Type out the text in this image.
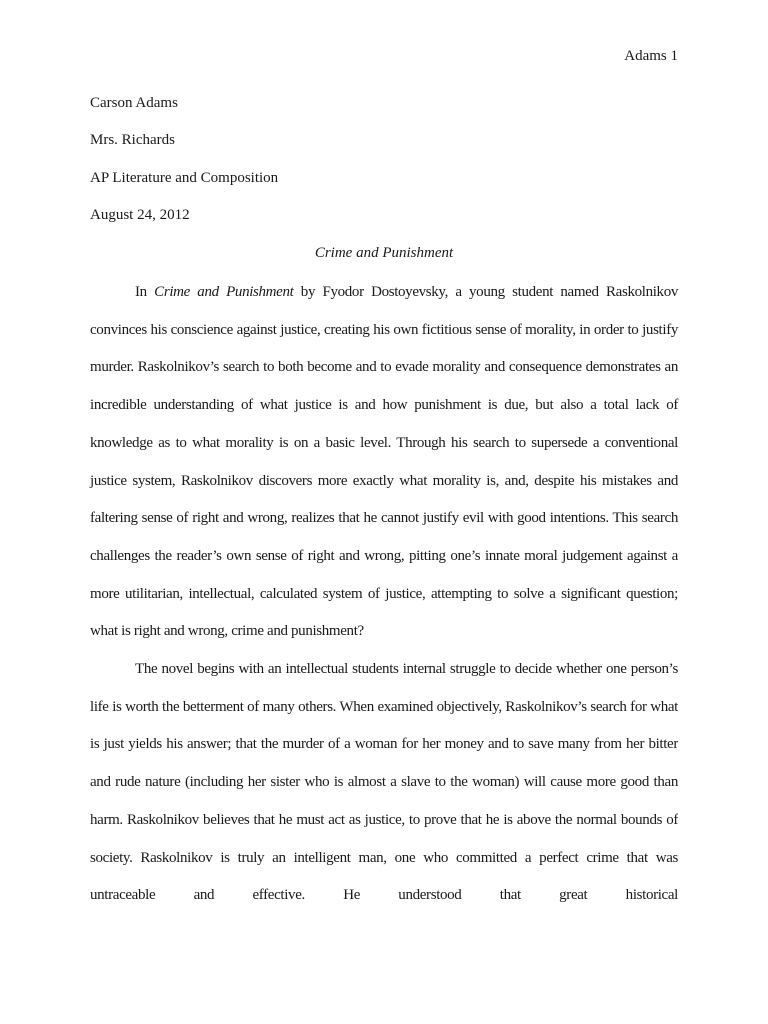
Adams 1
Carson Adams
Mrs. Richards
AP Literature and Composition
August 24, 2012
Crime and Punishment

In Crime and Punishment by Fyodor Dostoyevsky, a young student named Raskolnikov convinces his conscience against justice, creating his own fictitious sense of morality, in order to justify murder. Raskolnikov’s search to both become and to evade morality and consequence demonstrates an incredible understanding of what justice is and how punishment is due, but also a total lack of knowledge as to what morality is on a basic level. Through his search to supersede a conventional justice system, Raskolnikov discovers more exactly what morality is, and, despite his mistakes and faltering sense of right and wrong, realizes that he cannot justify evil with good intentions. This search challenges the reader’s own sense of right and wrong, pitting one’s innate moral judgement against a more utilitarian, intellectual, calculated system of justice, attempting to solve a significant question; what is right and wrong, crime and punishment?

The novel begins with an intellectual students internal struggle to decide whether one person’s life is worth the betterment of many others. When examined objectively, Raskolnikov’s search for what is just yields his answer; that the murder of a woman for her money and to save many from her bitter and rude nature (including her sister who is almost a slave to the woman) will cause more good than harm. Raskolnikov believes that he must act as justice, to prove that he is above the normal bounds of society. Raskolnikov is truly an intelligent man, one who committed a perfect crime that was untraceable and effective. He understood that great historical
